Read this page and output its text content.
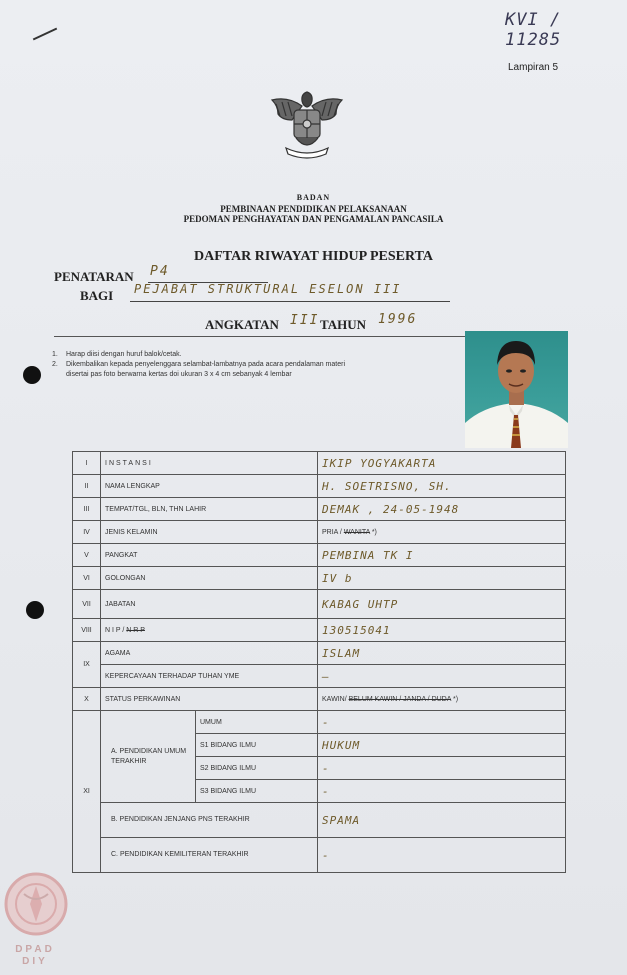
KVI / 11285
Lampiran 5
BADAN
PEMBINAAN PENDIDIKAN PELAKSANAAN
PEDOMAN PENGHAYATAN DAN PENGAMALAN PANCASILA
DAFTAR RIWAYAT HIDUP PESERTA
PENATARAN P4
BAGI PEJABAT STRUKTURAL ESELON III
ANGKATAN III TAHUN 1996
1.	Harap diisi dengan huruf balok/cetak.
2.	Dikembalikan kepada penyelenggara selambat-lambatnya pada acara pendalaman materi disertai pas foto berwarna kertas doi ukuran 3 x 4 cm sebanyak 4 lembar
I	INSTANSI		IKIP YOGYAKARTA
II	NAMA LENGKAP		H. SOETRISNO, SH.
III	TEMPAT/TGL, BLN, THN LAHIR		DEMAK , 24-05-1948
IV	JENIS KELAMIN		PRIA / WANITA *)
V	PANGKAT		PEMBINA TK I
VI	GOLONGAN		IV b
VII	JABATAN		KABAG UHTP
VIII	N I P / N R P		130515041
IX	AGAMA		ISLAM
	KEPERCAYAAN TERHADAP TUHAN YME		—
X	STATUS PERKAWINAN		KAWIN/ BELUM KAWIN / JANDA / DUDA *)
XI	A. PENDIDIKAN UMUM TERAKHIR	UMUM	-
		S1 BIDANG ILMU	HUKUM
		S2 BIDANG ILMU	-
		S3 BIDANG ILMU	-
	B. PENDIDIKAN JENJANG PNS TERAKHIR		SPAMA
	C. PENDIDIKAN KEMILITERAN TERAKHIR		-
DPAD
DIY
